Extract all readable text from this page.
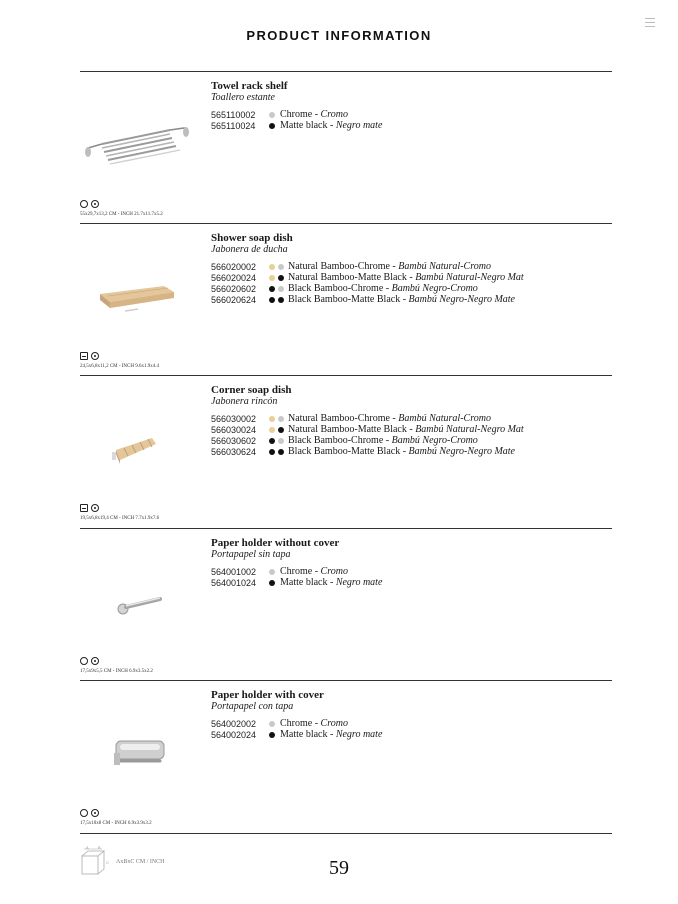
PRODUCT INFORMATION
Towel rack shelf
Toallero estante
565110002	Chrome - Cromo
565110024	Matte black - Negro mate
55x29,7x13,2 CM - INCH 21.7x11.7x5.2
Shower soap dish
Jabonera de ducha
566020002	Natural Bamboo-Chrome - Bambú Natural-Cromo
566020024	Natural Bamboo-Matte Black - Bambú Natural-Negro Mat
566020602	Black Bamboo-Chrome - Bambú Negro-Cromo
566020624	Black Bamboo-Matte Black - Bambú Negro-Negro Mate
24,5x6,8x11,2 CM - INCH 9.6x1.9x4.4
Corner soap dish
Jabonera rincón
566030002	Natural Bamboo-Chrome - Bambú Natural-Cromo
566030024	Natural Bamboo-Matte Black - Bambú Natural-Negro Mat
566030602	Black Bamboo-Chrome - Bambú Negro-Cromo
566030624	Black Bamboo-Matte Black - Bambú Negro-Negro Mate
19,5x6,8x19,4 CM - INCH 7.7x1.9x7.6
Paper holder without cover
Portapapel sin tapa
564001002	Chrome - Cromo
564001024	Matte black - Negro mate
17,5x9x5,5 CM - INCH 6.9x3.5x2.2
Paper holder with cover
Portapapel con tapa
564002002	Chrome - Cromo
564002024	Matte black - Negro mate
17,5x10x8 CM - INCH 6.9x3.9x3.2
A B
C AxBxC CM / INCH	59
